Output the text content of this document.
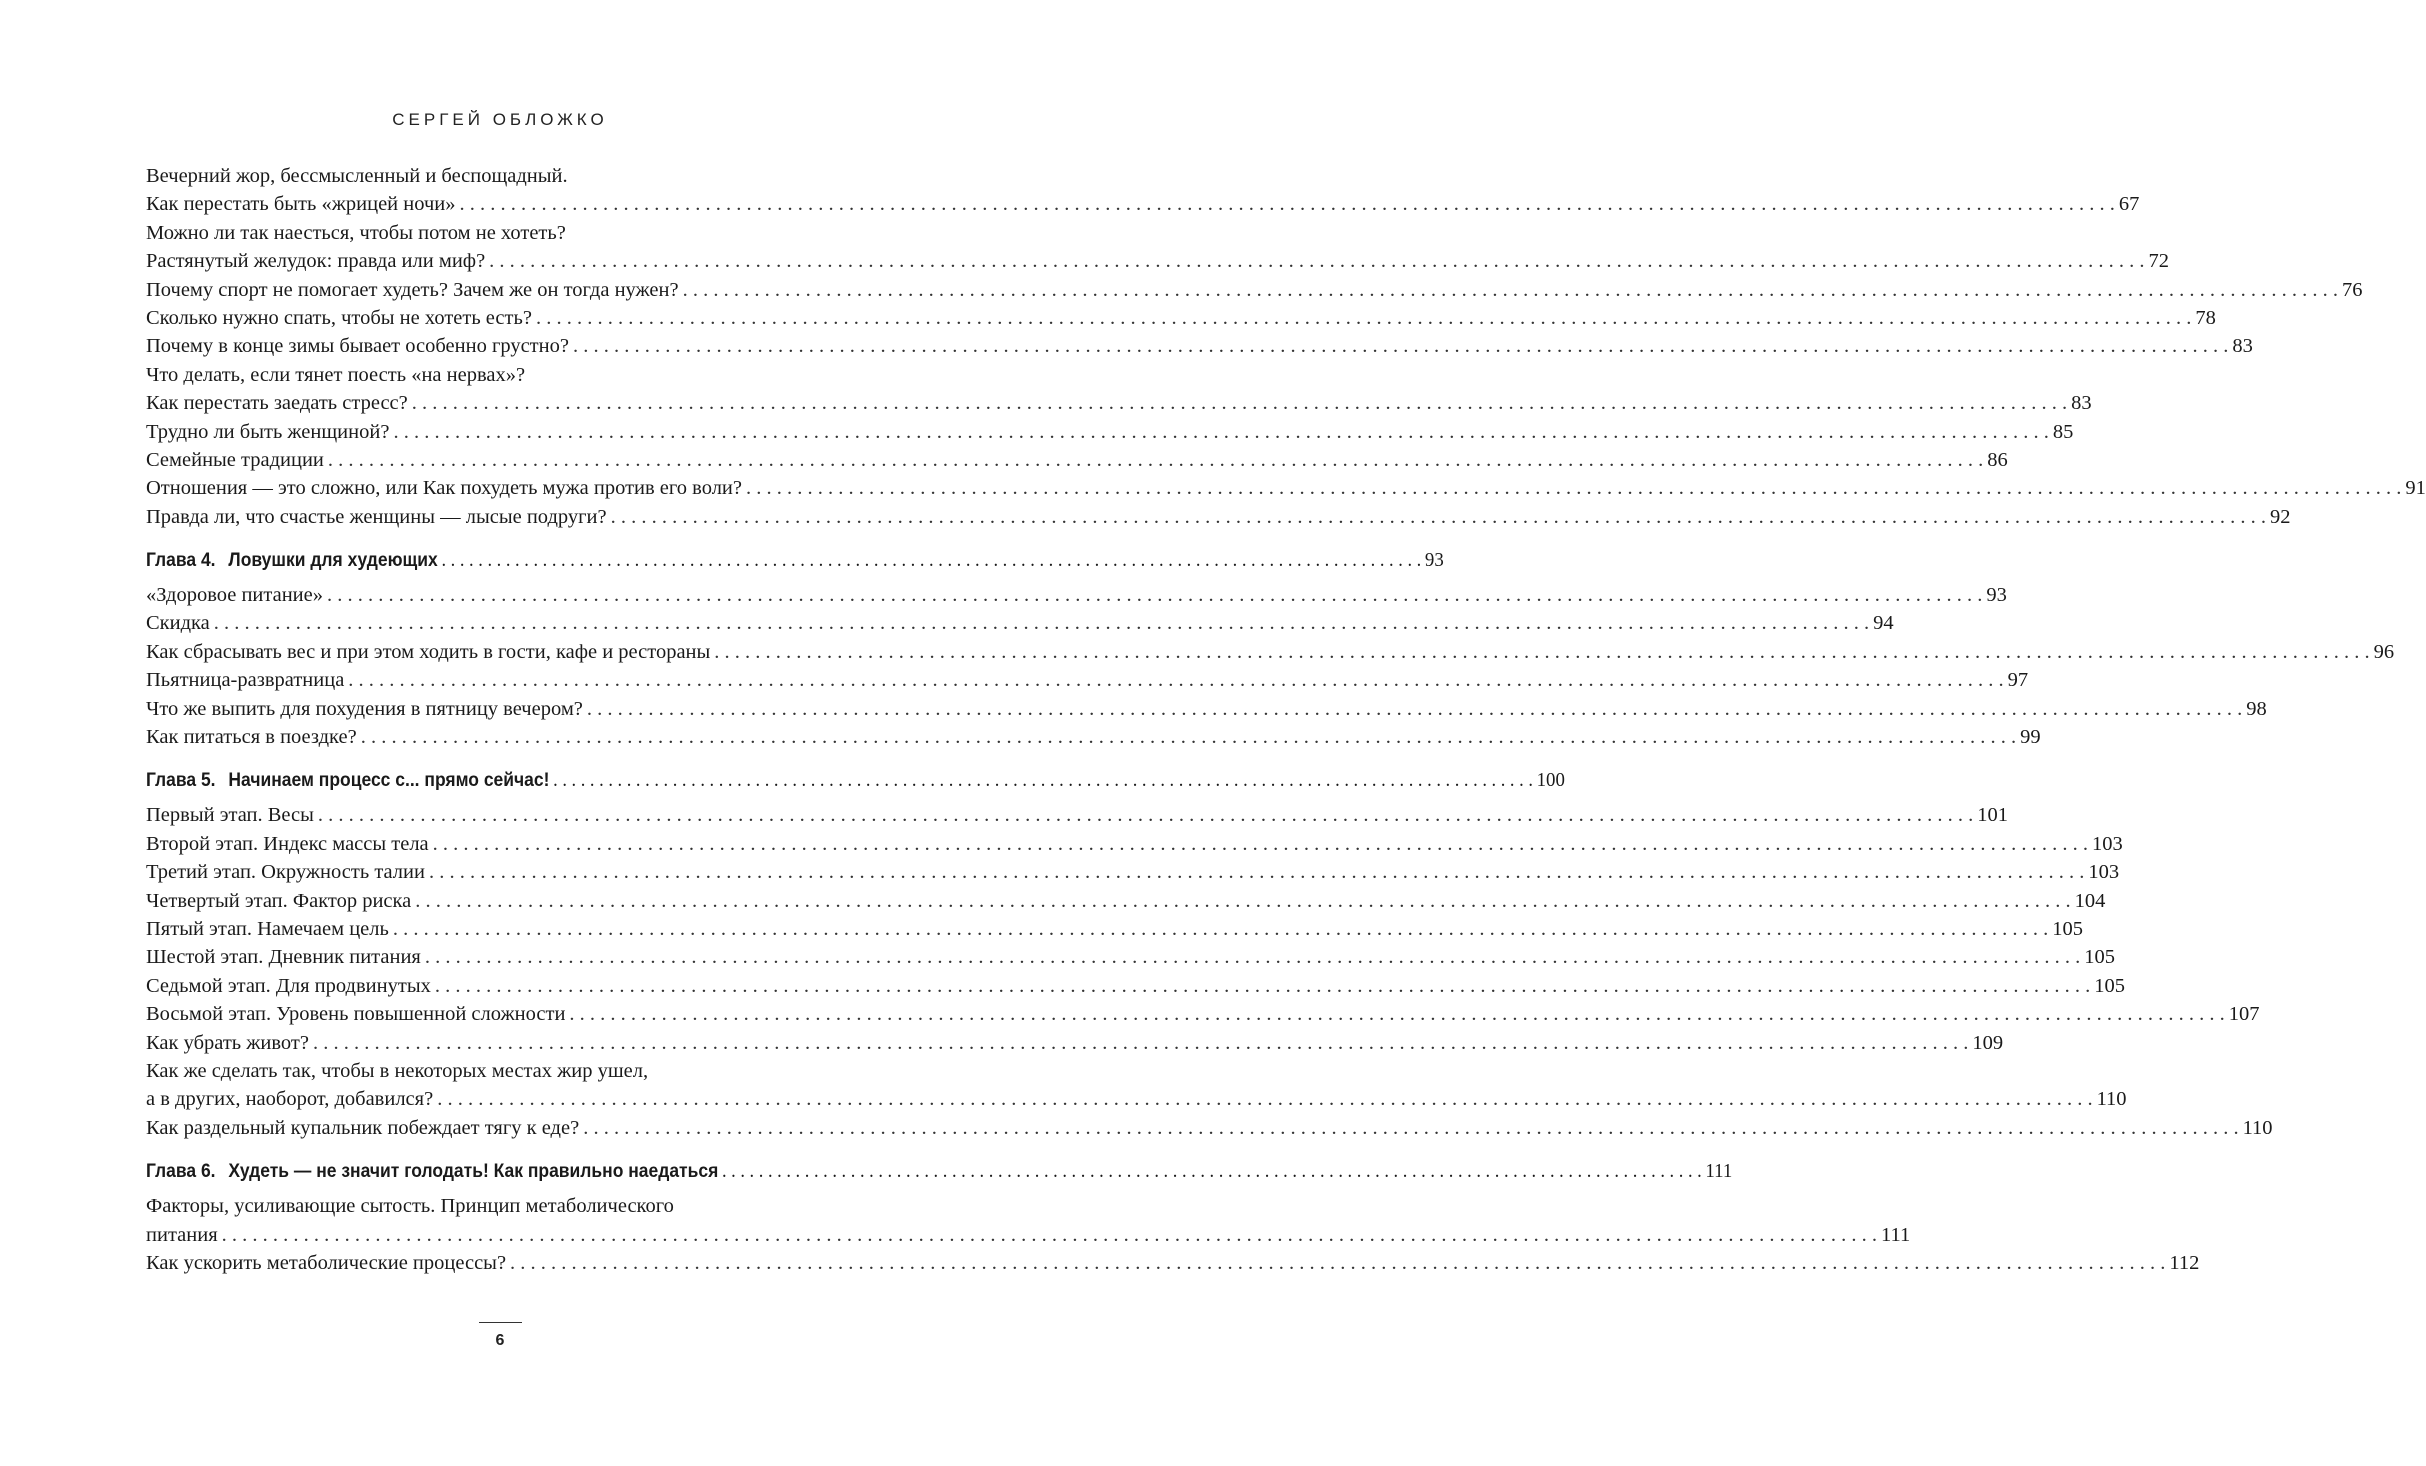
СЕРГЕЙ ОБЛОЖКО
Вечерний жор, бессмысленный и беспощадный.
Как перестать быть «жрицей ночи» . . .	67
Можно ли так наесться, чтобы потом не хотеть?
Растянутый желудок: правда или миф? . . .	72
Почему спорт не помогает худеть? Зачем же он тогда нужен? . . .	76
Сколько нужно спать, чтобы не хотеть есть? . . .	78
Почему в конце зимы бывает особенно грустно? . . .	83
Что делать, если тянет поесть «на нервах»?
Как перестать заедать стресс? . . .	83
Трудно ли быть женщиной? . . .	85
Семейные традиции . . .	86
Отношения — это сложно, или Как похудеть мужа против его воли? . . .	91
Правда ли, что счастье женщины — лысые подруги? . . .	92
Глава 4. Ловушки для худеющих . . .	93
«Здоровое питание» . . .	93
Скидка . . .	94
Как сбрасывать вес и при этом ходить в гости, кафе и рестораны . . .	96
Пьятница-развратница . . .	97
Что же выпить для похудения в пятницу вечером? . . .	98
Как питаться в поездке? . . .	99
Глава 5. Начинаем процесс с... прямо сейчас! . . .	100
Первый этап. Весы . . .	101
Второй этап. Индекс массы тела . . .	103
Третий этап. Окружность талии . . .	103
Четвертый этап. Фактор риска . . .	104
Пятый этап. Намечаем цель . . .	105
Шестой этап. Дневник питания . . .	105
Седьмой этап. Для продвинутых . . .	105
Восьмой этап. Уровень повышенной сложности . . .	107
Как убрать живот? . . .	109
Как же сделать так, чтобы в некоторых местах жир ушел,
а в других, наоборот, добавился? . . .	110
Как раздельный купальник побеждает тягу к еде? . . .	110
Глава 6. Худеть — не значит голодать! Как правильно наедаться . . .	111
Факторы, усиливающие сытость. Принцип метаболического
питания . . .	111
Как ускорить метаболические процессы? . . .	112
6
